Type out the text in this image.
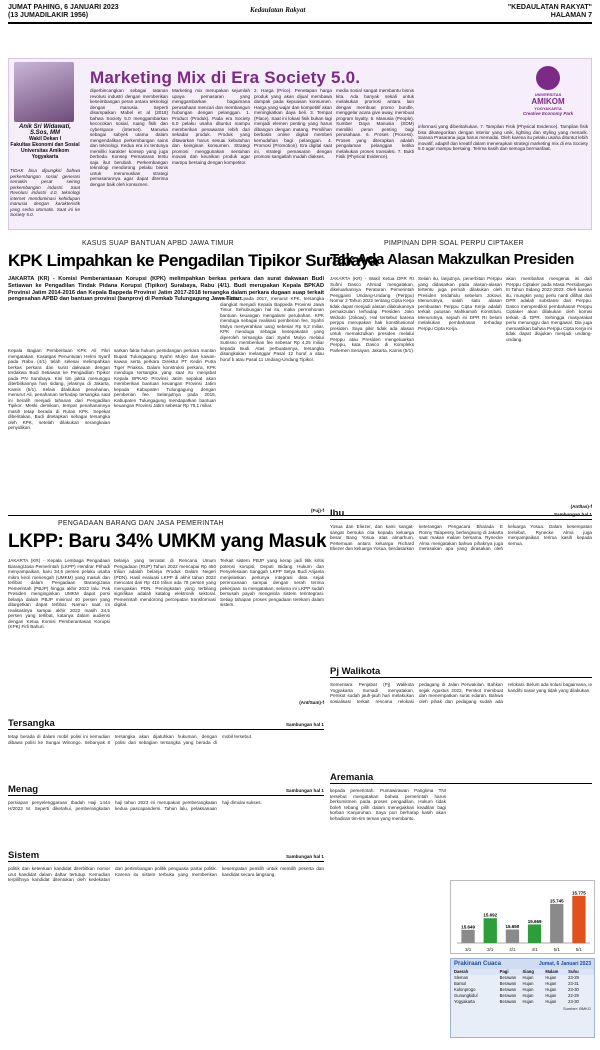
JUMAT PAHING, 6 JANUARI 2023
(13 JUMADILAKIR 1956)
Kedaulatan Rakyat	"KEDAULATAN RAKYAT"
HALAMAN 7
Marketing Mix di Era Society 5.0.
UNIVERSITAS
AMIKOM
YOGYAKARTA
Creative Economy Park
Anik Sri Widawati, S.Sos, MM
Wakil Dekan I
Fakultas Ekonomi dan Sosial Universitas Amikom Yogyakarta
TIDAK bisa dipungkiri bahwa perkembangan sosial generasi semakin pesat seiring perkembangan industri. Saat Revolusi industri 4.0, teknologi internet mendominasi kehidupan manusia dengan karakteristik yang serba otomatis. Saat ini ke Society 5.0.
diperbincangkan sebagai tatanan revolusi industri dengan memberikan keseimbangan peran antara teknologi dengan manusia. Seperti disampaikan Mabel et al (2018) bahwa Society 5.0 menggambarkan kecocokan sosial, ruang fisik dan cyberspace (internet). Manusia sebagai subyek utama dalam mengendalikan perkembangan sains dan teknologi. Kedua era ini tentunya memiliki karakter konsep yang juga berbeda. Konsep Pemasaran tentu saja ikut berubah. Perkembangan teknologi mendorong pelaku bisnis untuk merumuskan strategi pemasarannya agar dapat diterima dengan baik oleh konsumen.
Marketing mix merupakan sejumlah upaya pemasaran yang menggambarkan bagaimana perusahaan mencari dan membangun hubungan dengan pelanggan. 1. Product (Produk). Pada era Society 5.0 pelaku usaha dituntut mampu memberikan penawaran lebih dari sekadar produk. Produk yang ditawarkan harus sesuai kebutuhan dan keinginan konsumen. Strategi promosi menggunakan sentuhan inovasi dan keunikan produk agar mampu bersaing dengan kompetitor.
2. Harga (Price). Penetapan harga produk yang akan dijual membawa dampak pada kepuasan konsumen. Harga yang wajar dan kompetitif akan meningkatkan daya beli. 3. Tempat (Place). Saat ini lokasi fisik bukan lagi menjadi elemen penting yang harus dibangun dengan matang. Pemilihan berbasis online digital memberi kemudahan bagi pelanggan. 4. Promosi (Promotion). Era digital saat ini, strategi pemasaran dengan promosi sangatlah mudah diakses.
media sosial sangat membantu bisnis kita. Ada banyak sekali untuk melakukan promosi antara lain dengan membuat promo bundle, menggelar acara give away, membuat program loyalty. 5. Manusia (People). Sumber Daya Manusia (SDM) memiliki peran penting bagi perusahaan. 6. Proses (Process). Proses yang diterapkan adalah pengalaman pelanggan ketika melakukan proses transaksi. 7. Bukti Fisik (Physical Evidence).
informasi yang diberitahukan. 7. Tampilan Fisik (Physical Evidence). Tampilan fisik bisa dikategorikan dengan interior yang unik, lighting dan styling yang menarik. Sarana Prasarana juga harus memadai. Oleh karena itu pelaku usaha dituntut lebih inovatif, adaptif dan kreatif dalam menerapkan strategi marketing mix di era Society 5.0 agar mampu bersaing. Terima kasih dan semoga bermanfaat.
KASUS SUAP BANTUAN APBD JAWA TIMUR
KPK Limpahkan ke Pengadilan Tipikor Surabaya
JAKARTA (KR) - Komisi Pemberantasan Korupsi (KPK) melimpahkan berkas perkara dan surat dakwaan Budi Setiawan ke Pengadilan Tindak Pidana Korupsi (Tipikor) Surabaya, Rabu (4/1). Budi merupakan Kepala BPKAD Provinsi Jatim 2014-2016 dan Kepala Bappeda Provinsi Jatim 2017-2018 tersangka dalam perkara dugaan suap terkait pengesahan APBD dan bantuan provinsi (banprov) di Pemkab Tulungagung Jawa Timur.
Kepala Bagian Pemberitaan KPK Ali Fikri mengatakan, Kasatgas Penuntutan Helmi Syarif pada Rabu (4/1) telah selesai melimpahkan berkas perkara dan surat dakwaan dengan terdakwa Budi Setiawan ke Pengadilan Tipikor pada PN Surabaya. Kini tim jaksa menunggu diterbitkannya hari sidang, jelasnya di Jakarta, Kamis (5/1). Selain dilakukan penahanan, menurut Ali, penahanan terhadap tersangka saat ini beralih menjadi tahanan dari Pengadilan Tipikor. Meski demikian, tempat penahanannya masih tetap berada di Rutan KPK. Sepekat diberitakan, Budi ditetapkan sebagai tersangka oleh KPK, setelah dilakukan serangkaian penyidikan.
sarkan fakta hukum persidangan perkara mantan Bupati Tulungagung Syahri Mulyo dan kawan-kawan serta perkara Direktur PT Kediri Putra Tiger Priaksa. Dalam konstruksi perkara, KPK menduga tersangka yang saat itu menjabat Kepala BPKAD Provinsi Jatim sepakat akan memberikan bantuan keuangan Provinsi Jatim kepada Kabupaten Tulungagung dengan pemberian fee. Selanjutnya pada 2015, Kabupaten Tulungagung mendapatkan bantuan keuangan Provinsi Jatim sebesar Rp 79,1 miliar.
Kemudian pada 2017, menurut KPK, tersangka diangkat menjadi Kepala Bappeda Provinsi Jawa Timur. Sehubungan hal itu, maka permohonan bantuan keuangan mengalami perubahan. KPK menduga sebagai realisasi pemberian fee, Syahri Mulyo menyerahkan uang sebesar Rp 9,2 miliar. KPK menduga sebagai kesepakatan yang diperoleh tersangka dari Syahri Mulyo melalui Sutrisno memberikan fee sebesar Rp 4,25 miliar kepada Budi. Atas perbuatannya, tersangka disangkakan melanggar Pasal 12 huruf a atau huruf b atau Pasal 11 Undang-Undang Tipikor.
(Fuj)-f
PIMPINAN DPR SOAL PERPU CIPTAKER
Tak Ada Alasan Makzulkan Presiden
JAKARTA (KR) - Wakil Ketua DPR RI Sufmi Dasco Ahmad mengatakan, dikeluarkannya Peraturan Pemerintah Pengganti Undang-Undang (Perppu) Nomor 2 Tahun 2022 tentang Cipta Kerja tidak dapat menjadi alasan dilakukannya pemakzulan terhadap Presiden Joko Widodo (Jokowi). Hal tersebut karena perppu merupakan hak konstitusional presiden. Saya pikir tidak ada alasan untuk memakzulkan presiden melalui Perppu atau Presiden mengeluarkan Perppu, kata Dasco di Kompleks Parlemen Senayan, Jakarta, Kamis (5/1).
Selain itu, lanjutnya, penerbitan Perppu yang didasarkan pada alasan-alasan tertentu juga pernah dilakukan oleh Presiden terdahulu sebelum Jokowi. Menurutnya, salah satu alasan pembuatan Perppu Cipta Kerja adalah terkait putusan Mahkamah Konstitusi. Menurutnya, sejauh ini DPR RI belum melakukan pembahasan terhadap Perppu Cipta Kerja.
akan membahas mengenai isi dari Perppu Ciptaker pada Masa Persidangan III Tahun Sidang 2022-2023. Oleh karena itu, mungkin yang perlu nanti dilihat dari DPR adalah substansi dari Perppu. Dasco memprediksi pembahasan Perppu Ciptaker akan dilakukan oleh komisi terkait di DPR. Sehingga masyarakat perlu menunggu dan mengawal. Dia juga memastikan bahwa Perppu Cipta Kerja ini tidak dapat diajukan menjadi undang-undang.
(Ant/Ias)-f
PENGADAAN BARANG DAN JASA PEMERINTAH
LKPP: Baru 34% UMKM yang Masuk
JAKARTA (KR) - Kepala Lembaga Pengadaan Barang/Jasa Pemerintah (LKPP) Hendrar Prihadi menyampaikan, baru 34,5 persen pelaku usaha mikro kecil menengah (UMKM) yang masuk dan terlibat dalam Pengadaan Barang/Jasa Pemerintah (PBJP) hingga akhir 2022 lalu. Pak Presiden menginginkan UMKM dapat porsi belanja dalam PBJP minimal 40 persen yang ditargetkan dapat terlibat. Namun saat ini realisasinya sampai akhir 2022 masih 34,5 persen yang terlibat, katanya dalam audiensi dengan Ketua Komisi Pemberantasan Korupsi (KPK) Firli Bahuri.
belanja yang tercatat di Rencana Umum Pengadaan (RUP) Tahun 2022 mencapai Rp 450 triliun adalah belanja Produk Dalam Negeri (PDN). Hasil evaluasi LKPP di akhir tahun 2022 mencatat dari Rp 410 triliun ada 78 persen yang merupakan PDN. Peningkatan yang terbilang signifikan adalah katalog elektronik sektoral. Pemerintah mendorong percepatan transformasi digital.
Terkait sistem PBJP yang kerap jadi titik kritis potensi korupsi, Deputi Bidang Hukum dan Penyelesaian Sanggah LKPP Setya Budi Arijanta menjelaskan perlunya integrasi data sejak perencanaan sampai dengan serah terima pekerjaan. Ia mengatakan, selama ini LKPP sudah bersusah payah mengelola sistem terintegrasi. Setiap tahapan proses pengadaan terekam dalam sistem.
(Ant/Sam)-f
Ibu	Sambungan hal 1
Yosua dan Eliezer, dan kami sangat-sangat bersuka cita kepada keluarga besar Bang Yosua atas almarhum. Pertemuan antara keluarga Richard Eliezer dan keluarga Yosua, berdasarkan keterangan Pengacara Bharada E Ronny Talapessy, berlangsung di Jakarta saat makan malam bersama. Rynecke Alma mengatakan bahwa pihaknya juga merasakan apa yang dirasakan oleh keluarga Yosua. Dalam kesempatan tersebut, Rynecke Alma juga menyampaikan terima kasih kepada semua.
Pj Walikota
Sementara Penjabat (Pj) Walikota Yogyakarta Sumadi menyatakan, Pemkot sudah jauh-jauh hari melakukan sosialisasi terkait rencana relokasi pedagang di Jalan Perwakilan. Bahkan sejak Agustus 2022, Pemkot membuat dan menempatkan surat edaran. Bahwa oleh pihak dan pedagang sudah ada relokasi. Belum ada solusi bagaimana, ie kandihi sasar yang tidak yang dilakukan.
Tersangka	Sambungan hal 1
tetap berada di dalam mobil polisi ini kemudian dibawa polisi ke Sungai Winongo. Sebanyak 8 tersangka akan dijatuhkan hukuman, dengan polisi dan sebagian tersangka yang berada di mobil tersebut.
Menag	Sambungan hal 1
persiapan penyelenggaraan Ibadah Haji 1444 H/2023 M. Seperti diketahui, pemberangkatan haji tahun 2023 ini merupakan pemberangkatan kedua pascapandemi. Tahun lalu, pelaksanaan haji dimulai sukses.
Sistem	Sambungan hal 1
politik dan ketentuan kandidat diterbitkan nomor urut kandidat dalam daftar tertutup. Kemudian terpilihnya kandidat ditentukan oleh kedekatan dan pertimbangan politik penguasa partai politik. Karena itu sistem terbuka yang memberikan kesempatan pemilih untuk memilih peserta dan kandidat secara langsung.
Aremania
kepada pemerintah. Pumawirawan Panglima TNI tersebut mengatakan bahwa pemerintah harus berkomitmen pada proses pengadilan. Hukum tidak boleh tebang pilih dalam menegakkan keadilan bagi korban Kanjuruhan. Saya pun berharap kasih akan kehadiran tim-tim teman yang membantu.
15.649
3/1
15.692
3/1
15.650
4/1
15.669
4/1
15.745
5/1
15.775
5/1
Prakiraan Cuaca	Jumat, 6 Januari 2023
Daerah	Pagi	Siang	Malam	Suhu
Sleman	Berawan	Hujan	Hujan	23-29
Bantul	Berawan	Hujan	Hujan	23-31
Kulonprogo	Berawan	Hujan	Hujan	23-30
Gunungkidul	Berawan	Hujan	Hujan	22-29
Yogyakarta	Berawan	Hujan	Hujan	23-30
Sumber: BMKG
